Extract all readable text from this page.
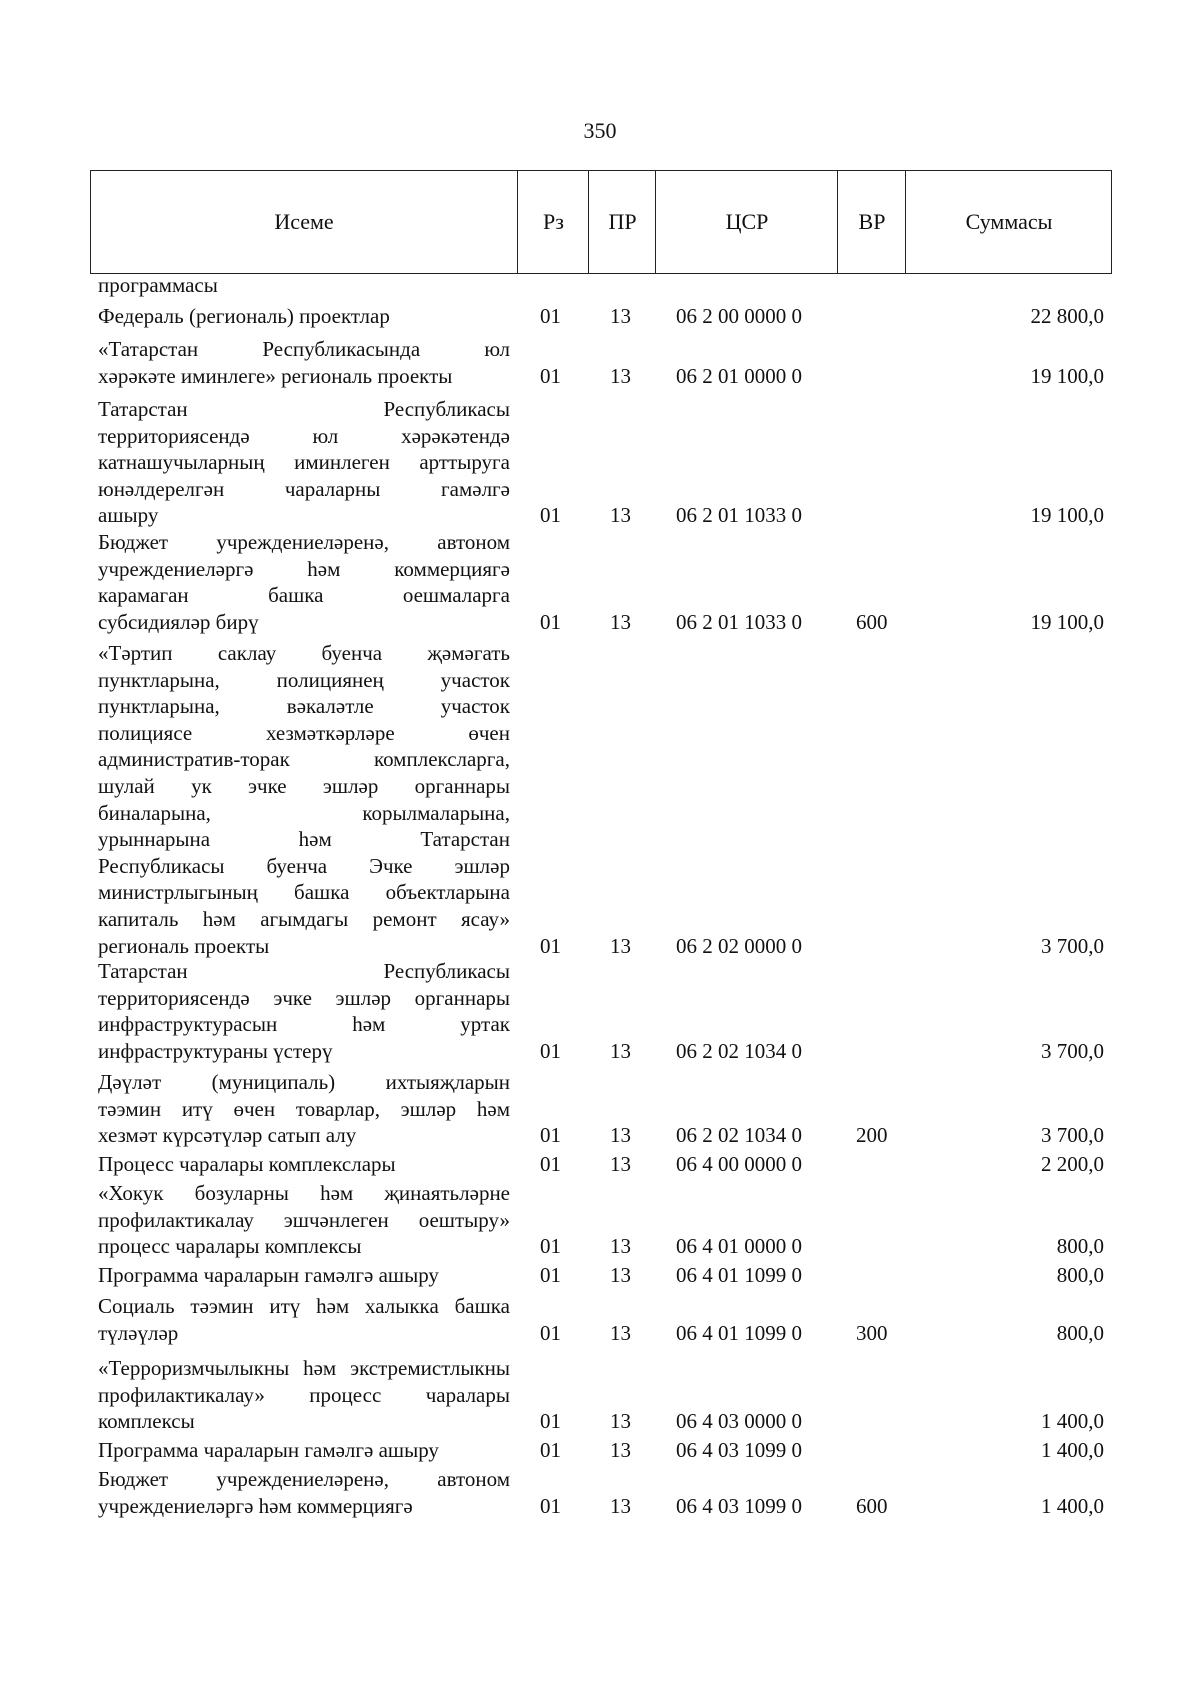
350
Исеме	Рз	ПР	ЦСР	ВР	Суммасы
программасы
Федераль (региональ) проектлар	01 13 06 2 00 0000 0	22 800,0
«Татарстан Республикасында юл
хәрәкәте иминлеге» региональ проекты	01 13 06 2 01 0000 0	19 100,0
Татарстан Республикасы
территориясендә юл хәрәкәтендә
катнашучыларның иминлеген арттыруга
юнәлдерелгән чараларны гамәлгә
ашыру	01 13 06 2 01 1033 0	19 100,0
Бюджет учреждениеләренә, автоном
учреждениеләргә һәм коммерциягә
карамаган башка оешмаларга
субсидияләр бирү	01 13 06 2 01 1033 0	600	19 100,0
«Тәртип саклау буенча җәмәгать
пунктларына, полициянең участок
пунктларына, вәкаләтле участок
полициясе хезмәткәрләре өчен
административ-торак комплексларга,
шулай ук эчке эшләр органнары
биналарына, корылмаларына,
урыннарына һәм Татарстан
Республикасы буенча Эчке эшләр
министрлыгының башка объектларына
капиталь һәм агымдагы ремонт ясау»
региональ проекты	01 13 06 2 02 0000 0	3 700,0
Татарстан Республикасы
территориясендә эчке эшләр органнары
инфраструктурасын һәм уртак
инфраструктураны үстерү	01 13 06 2 02 1034 0	3 700,0
Дәүләт (муниципаль) ихтыяҗларын
тәэмин итү өчен товарлар, эшләр һәм
хезмәт күрсәтүләр сатып алу	01 13 06 2 02 1034 0	200	3 700,0
Процесс чаралары комплекслары	01 13 06 4 00 0000 0	2 200,0
«Хокук бозуларны һәм җинаятьләрне
профилактикалау эшчәнлеген оештыру»
процесс чаралары комплексы	01 13 06 4 01 0000 0	800,0
Программа чараларын гамәлгә ашыру	01 13 06 4 01 1099 0	800,0
Социаль тәэмин итү һәм халыкка башка
түләүләр	01 13 06 4 01 1099 0	300	800,0
«Терроризмчылыкны һәм экстремистлыкны
профилактикалау» процесс чаралары
комплексы	01 13 06 4 03 0000 0	1 400,0
Программа чараларын гамәлгә ашыру	01 13 06 4 03 1099 0	1 400,0
Бюджет учреждениеләренә, автоном
учреждениеләргә һәм коммерциягә	01 13 06 4 03 1099 0	600	1 400,0
